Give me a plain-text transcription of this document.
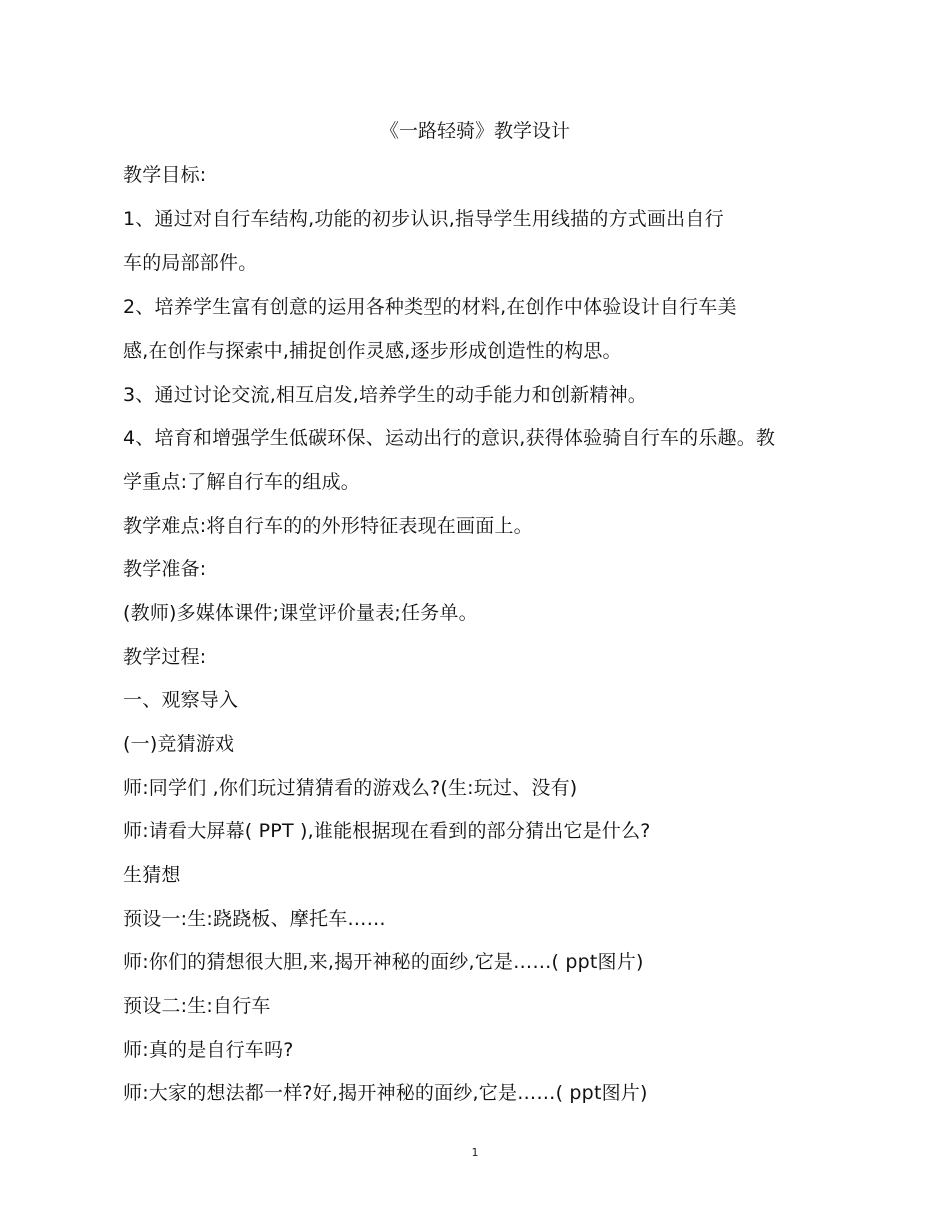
《一路轻骑》教学设计
教学目标:
1、通过对自行车结构,功能的初步认识,指导学生用线描的方式画出自行
车的局部部件。
2、培养学生富有创意的运用各种类型的材料,在创作中体验设计自行车美
感,在创作与探索中,捕捉创作灵感,逐步形成创造性的构思。
3、通过讨论交流,相互启发,培养学生的动手能力和创新精神。
4、培育和增强学生低碳环保、运动出行的意识,获得体验骑自行车的乐趣。教
学重点:了解自行车的组成。
教学难点:将自行车的的外形特征表现在画面上。
教学准备:
(教师)多媒体课件;课堂评价量表;任务单。
教学过程:
一、观察导入
(一)竞猜游戏
师:同学们 ,你们玩过猜猜看的游戏么?(生:玩过、没有)
师:请看大屏幕( PPT ),谁能根据现在看到的部分猜出它是什么?
生猜想
预设一:生:跷跷板、摩托车……
师:你们的猜想很大胆,来,揭开神秘的面纱,它是……( ppt图片)
预设二:生:自行车
师:真的是自行车吗?
师:大家的想法都一样?好,揭开神秘的面纱,它是……( ppt图片)
1
